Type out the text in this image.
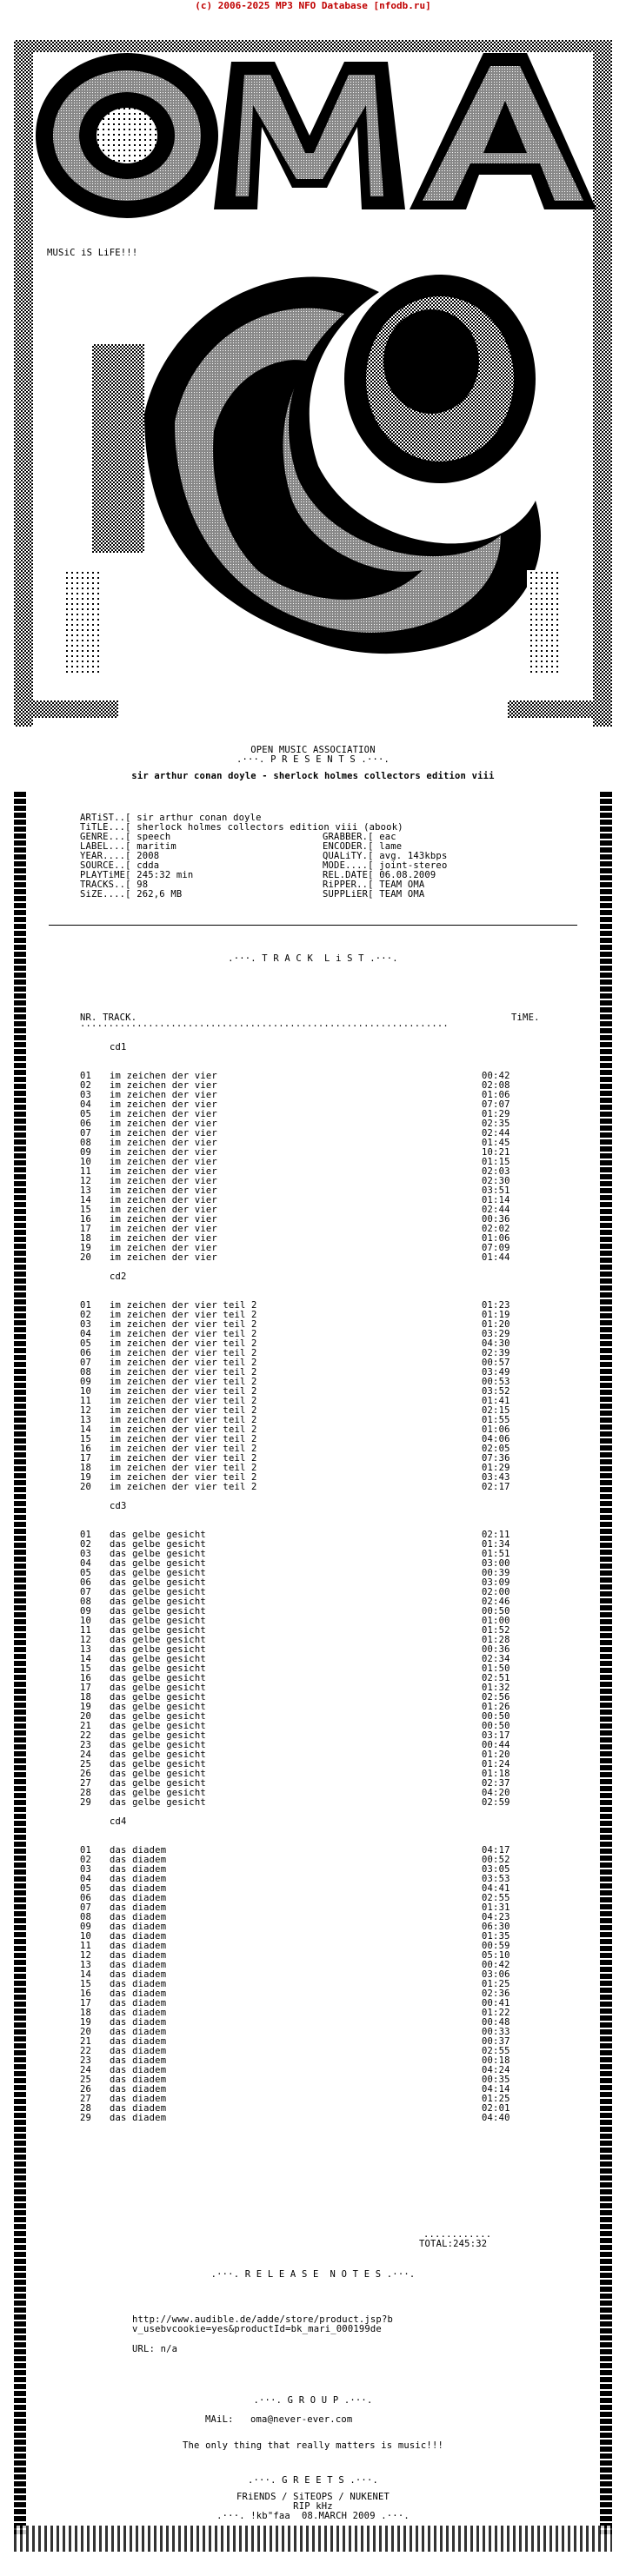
(c) 2006-2025 MP3 NFO Database [nfodb.ru]
MUSiC iS LiFE!!!
OPEN MUSIC ASSOCIATION
.···. P R E S E N T S .···.
sir arthur conan doyle - sherlock holmes collectors edition viii
ARTiST..[ sir arthur conan doyle
TiTLE...[ sherlock holmes collectors edition viii (abook)
GENRE...[ speech
LABEL...[ maritim
YEAR....[ 2008
SOURCE..[ cdda
PLAYTiME[ 245:32 min
TRACKS..[ 98
SiZE....[ 262,6 MB
GRABBER.[ eac
ENCODER.[ lame
QUALiTY.[ avg. 143kbps
MODE....[ joint-stereo
REL.DATE[ 06.08.2009
RiPPER..[ TEAM OMA
SUPPLiER[ TEAM OMA
.···. T R A C K  L i S T .···.
NR. TRACK.	TiME.
·································································
cd1
01 im zeichen der vier	00:42
02 im zeichen der vier	02:08
03 im zeichen der vier	01:06
04 im zeichen der vier	07:07
05 im zeichen der vier	01:29
06 im zeichen der vier	02:35
07 im zeichen der vier	02:44
08 im zeichen der vier	01:45
09 im zeichen der vier	10:21
10 im zeichen der vier	01:15
11 im zeichen der vier	02:03
12 im zeichen der vier	02:30
13 im zeichen der vier	03:51
14 im zeichen der vier	01:14
15 im zeichen der vier	02:44
16 im zeichen der vier	00:36
17 im zeichen der vier	02:02
18 im zeichen der vier	01:06
19 im zeichen der vier	07:09
20 im zeichen der vier	01:44
cd2
01 im zeichen der vier teil 2	01:23
02 im zeichen der vier teil 2	01:19
03 im zeichen der vier teil 2	01:20
04 im zeichen der vier teil 2	03:29
05 im zeichen der vier teil 2	04:30
06 im zeichen der vier teil 2	02:39
07 im zeichen der vier teil 2	00:57
08 im zeichen der vier teil 2	03:49
09 im zeichen der vier teil 2	00:53
10 im zeichen der vier teil 2	03:52
11 im zeichen der vier teil 2	01:41
12 im zeichen der vier teil 2	02:15
13 im zeichen der vier teil 2	01:55
14 im zeichen der vier teil 2	01:06
15 im zeichen der vier teil 2	04:06
16 im zeichen der vier teil 2	02:05
17 im zeichen der vier teil 2	07:36
18 im zeichen der vier teil 2	01:29
19 im zeichen der vier teil 2	03:43
20 im zeichen der vier teil 2	02:17
cd3
01 das gelbe gesicht	02:11
02 das gelbe gesicht	01:34
03 das gelbe gesicht	01:51
04 das gelbe gesicht	03:00
05 das gelbe gesicht	00:39
06 das gelbe gesicht	03:09
07 das gelbe gesicht	02:00
08 das gelbe gesicht	02:46
09 das gelbe gesicht	00:50
10 das gelbe gesicht	01:00
11 das gelbe gesicht	01:52
12 das gelbe gesicht	01:28
13 das gelbe gesicht	00:36
14 das gelbe gesicht	02:34
15 das gelbe gesicht	01:50
16 das gelbe gesicht	02:51
17 das gelbe gesicht	01:32
18 das gelbe gesicht	02:56
19 das gelbe gesicht	01:26
20 das gelbe gesicht	00:50
21 das gelbe gesicht	00:50
22 das gelbe gesicht	03:17
23 das gelbe gesicht	00:44
24 das gelbe gesicht	01:20
25 das gelbe gesicht	01:24
26 das gelbe gesicht	01:18
27 das gelbe gesicht	02:37
28 das gelbe gesicht	04:20
29 das gelbe gesicht	02:59
cd4
01 das diadem	04:17
02 das diadem	00:52
03 das diadem	03:05
04 das diadem	03:53
05 das diadem	04:41
06 das diadem	02:55
07 das diadem	01:31
08 das diadem	04:23
09 das diadem	06:30
10 das diadem	01:35
11 das diadem	00:59
12 das diadem	05:10
13 das diadem	00:42
14 das diadem	03:06
15 das diadem	01:25
16 das diadem	02:36
17 das diadem	00:41
18 das diadem	01:22
19 das diadem	00:48
20 das diadem	00:33
21 das diadem	00:37
22 das diadem	02:55
23 das diadem	00:18
24 das diadem	04:24
25 das diadem	00:35
26 das diadem	04:14
27 das diadem	01:25
28 das diadem	02:01
29 das diadem	04:40
............
TOTAL:245:32
.···. R E L E A S E  N O T E S .···.
http://www.audible.de/adde/store/product.jsp?b
v_usebvcookie=yes&productId=bk_mari_000199de
URL: n/a
.···. G R O U P .···.
MAiL: oma@never-ever.com
The only thing that really matters is music!!!
.···. G R E E T S .···.
FRiENDS / SiTEOPS / NUKENET
RIP kHz
.···. !kb"faa  08.MARCH 2009 .···.
